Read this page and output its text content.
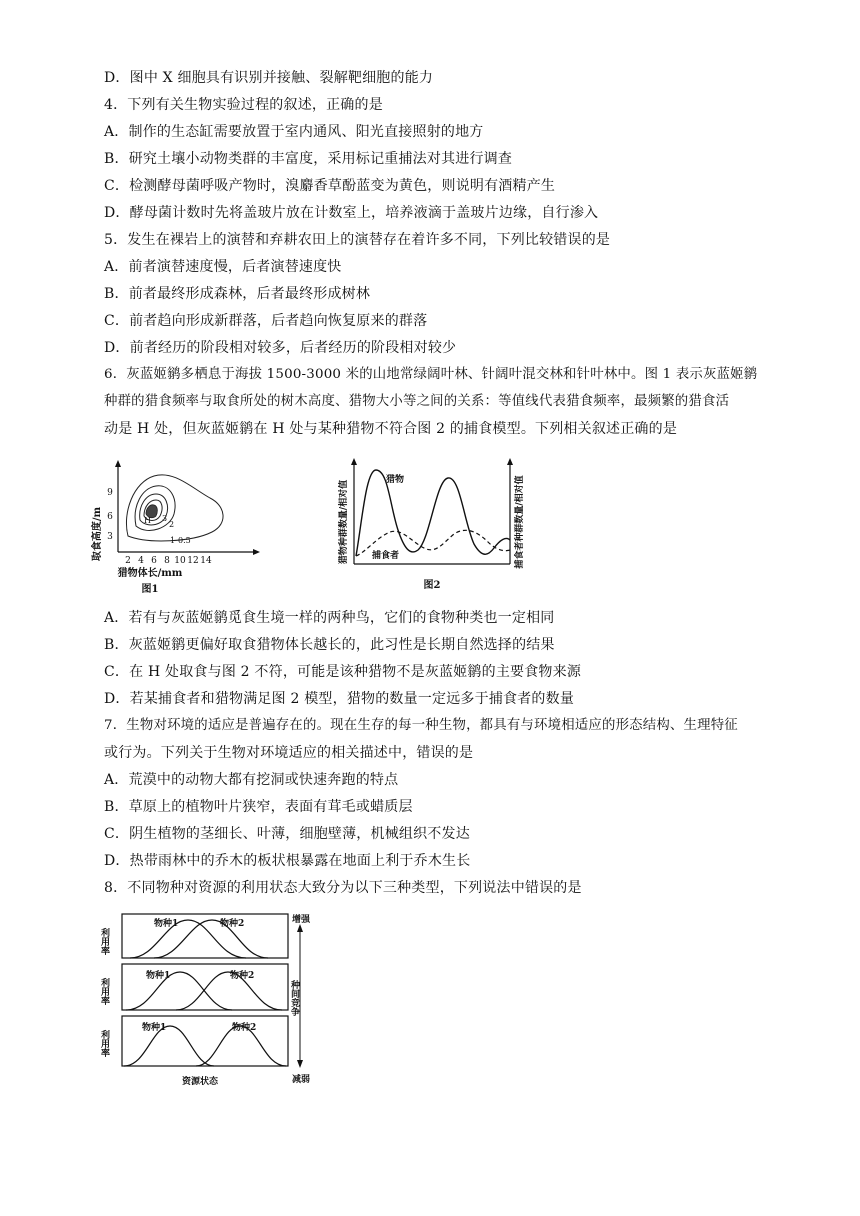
D．图中 X 细胞具有识别并接触、裂解靶细胞的能力
4．下列有关生物实验过程的叙述，正确的是
A．制作的生态缸需要放置于室内通风、阳光直接照射的地方
B．研究土壤小动物类群的丰富度，采用标记重捕法对其进行调查
C．检测酵母菌呼吸产物时，溴麝香草酚蓝变为黄色，则说明有酒精产生
D．酵母菌计数时先将盖玻片放在计数室上，培养液滴于盖玻片边缘，自行渗入
5．发生在裸岩上的演替和弃耕农田上的演替存在着许多不同，下列比较错误的是
A．前者演替速度慢，后者演替速度快
B．前者最终形成森林，后者最终形成树林
C．前者趋向形成新群落，后者趋向恢复原来的群落
D．前者经历的阶段相对较多，后者经历的阶段相对较少
6．灰蓝姬鹟多栖息于海拔 1500-3000 米的山地常绿阔叶林、针阔叶混交林和针叶林中。图 1 表示灰蓝姬鹟
种群的猎食频率与取食所处的树木高度、猎物大小等之间的关系：等值线代表猎食频率，最频繁的猎食活
动是 H 处，但灰蓝姬鹟在 H 处与某种猎物不符合图 2 的捕食模型。下列相关叙述正确的是
取食高度/m 3
6
9
2 4 6 8 10 12 14
H 3
2
1 0.5
猎物体长/mm
图1
猎物种群数量/相对值	捕食者种群数量/相对值
猎物
捕食者
图2
A．若有与灰蓝姬鹟觅食生境一样的两种鸟，它们的食物种类也一定相同
B．灰蓝姬鹟更偏好取食猎物体长越长的，此习性是长期自然选择的结果
C．在 H 处取食与图 2 不符，可能是该种猎物不是灰蓝姬鹟的主要食物来源
D．若某捕食者和猎物满足图 2 模型，猎物的数量一定远多于捕食者的数量
7．生物对环境的适应是普遍存在的。现在生存的每一种生物，都具有与环境相适应的形态结构、生理特征
或行为。下列关于生物对环境适应的相关描述中，错误的是
A．荒漠中的动物大都有挖洞或快速奔跑的特点
B．草原上的植物叶片狭窄，表面有茸毛或蜡质层
C．阴生植物的茎细长、叶薄，细胞壁薄，机械组织不发达
D．热带雨林中的乔木的板状根暴露在地面上利于乔木生长
8．不同物种对资源的利用状态大致分为以下三种类型，下列说法中错误的是
利用率
物种1	物种2
利用率
物种1	物种2
利用率
物种1	物种2
资源状态
增强
种间竞争
减弱
